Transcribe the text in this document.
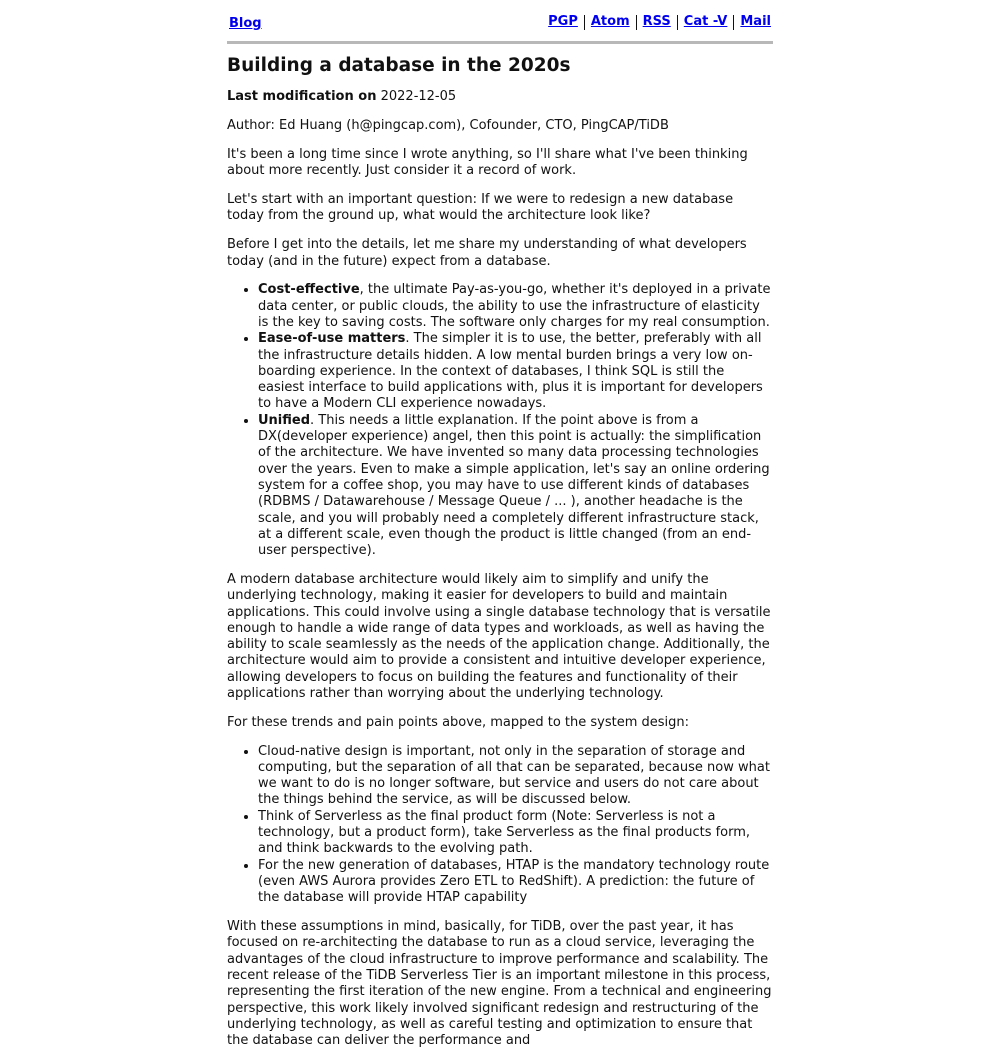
Blog	PGP Atom RSS Cat -V Mail
Building a database in the 2020s

Last modification on 2022-12-05

Author: Ed Huang (h@pingcap.com), Cofounder, CTO, PingCAP/TiDB

It's been a long time since I wrote anything, so I'll share what I've been thinking about more recently. Just consider it a record of work.

Let's start with an important question: If we were to redesign a new database today from the ground up, what would the architecture look like?

Before I get into the details, let me share my understanding of what developers today (and in the future) expect from a database.

• Cost-effective, the ultimate Pay-as-you-go, whether it's deployed in a private data center, or public clouds, the ability to use the infrastructure of elasticity is the key to saving costs. The software only charges for my real consumption.
• Ease-of-use matters. The simpler it is to use, the better, preferably with all the infrastructure details hidden. A low mental burden brings a very low on-boarding experience. In the context of databases, I think SQL is still the easiest interface to build applications with, plus it is important for developers to have a Modern CLI experience nowadays.
• Unified. This needs a little explanation. If the point above is from a DX(developer experience) angel, then this point is actually: the simplification of the architecture. We have invented so many data processing technologies over the years. Even to make a simple application, let's say an online ordering system for a coffee shop, you may have to use different kinds of databases (RDBMS / Datawarehouse / Message Queue / ... ), another headache is the scale, and you will probably need a completely different infrastructure stack, at a different scale, even though the product is little changed (from an end-user perspective).

A modern database architecture would likely aim to simplify and unify the underlying technology, making it easier for developers to build and maintain applications. This could involve using a single database technology that is versatile enough to handle a wide range of data types and workloads, as well as having the ability to scale seamlessly as the needs of the application change. Additionally, the architecture would aim to provide a consistent and intuitive developer experience, allowing developers to focus on building the features and functionality of their applications rather than worrying about the underlying technology.

For these trends and pain points above, mapped to the system design:

• Cloud-native design is important, not only in the separation of storage and computing, but the separation of all that can be separated, because now what we want to do is no longer software, but service and users do not care about the things behind the service, as will be discussed below.
• Think of Serverless as the final product form (Note: Serverless is not a technology, but a product form), take Serverless as the final products form, and think backwards to the evolving path.
• For the new generation of databases, HTAP is the mandatory technology route (even AWS Aurora provides Zero ETL to RedShift). A prediction: the future of the database will provide HTAP capability

With these assumptions in mind, basically, for TiDB, over the past year, it has focused on re-architecting the database to run as a cloud service, leveraging the advantages of the cloud infrastructure to improve performance and scalability. The recent release of the TiDB Serverless Tier is an important milestone in this process, representing the first iteration of the new engine. From a technical and engineering perspective, this work likely involved significant redesign and restructuring of the underlying technology, as well as careful testing and optimization to ensure that the database can deliver the performance and
